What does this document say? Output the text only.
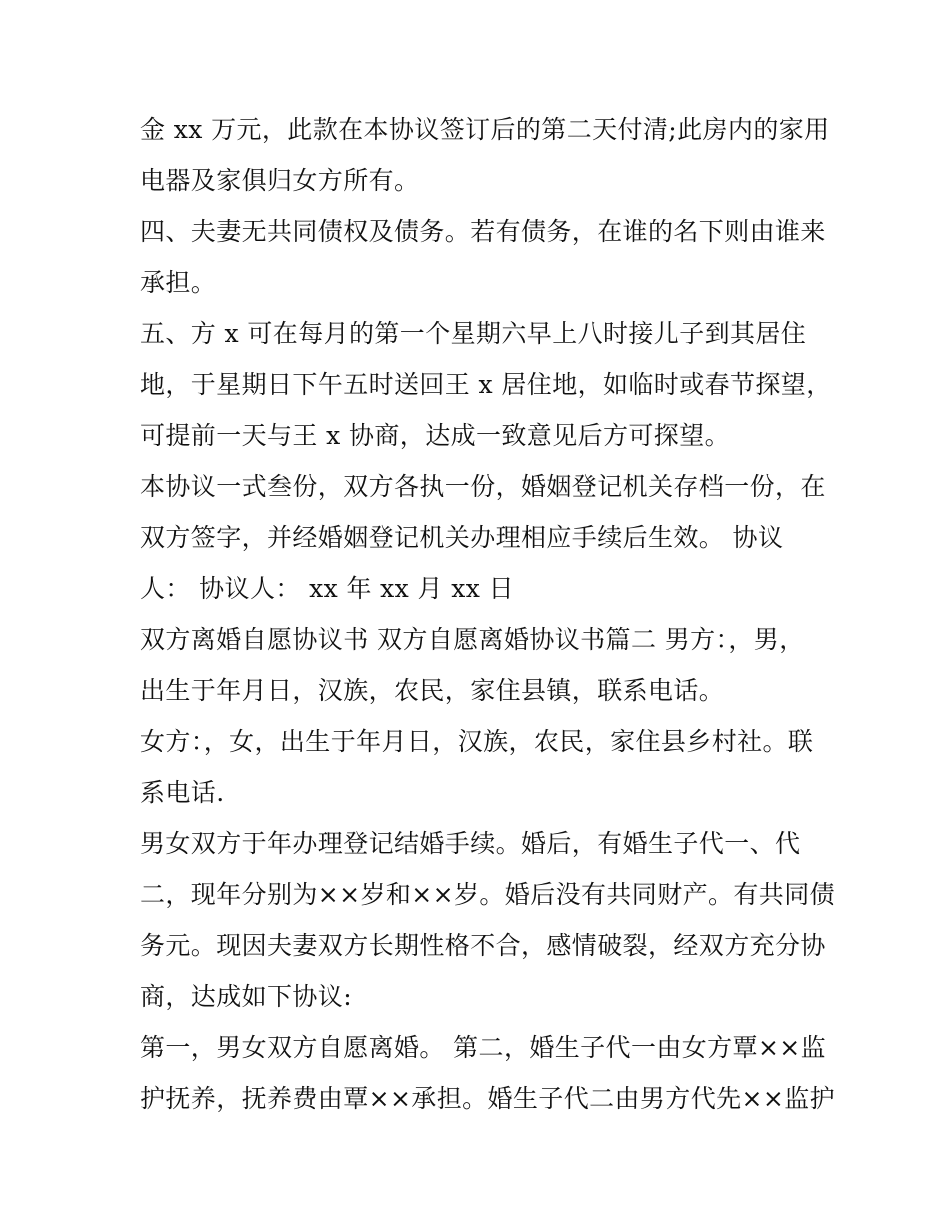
金 xx 万元，此款在本协议签订后的第二天付清;此房内的家用
电器及家俱归女方所有。
四、夫妻无共同债权及债务。若有债务，在谁的名下则由谁来
承担。
五、方 x 可在每月的第一个星期六早上八时接儿子到其居住
地，于星期日下午五时送回王 x 居住地，如临时或春节探望，
可提前一天与王 x 协商，达成一致意见后方可探望。
本协议一式叁份，双方各执一份，婚姻登记机关存档一份，在
双方签字，并经婚姻登记机关办理相应手续后生效。 协议
人： 协议人： xx 年 xx 月 xx 日
双方离婚自愿协议书 双方自愿离婚协议书篇二 男方：，男，
出生于年月日，汉族，农民，家住县镇，联系电话。
女方：，女，出生于年月日，汉族，农民，家住县乡村社。联
系电话.
男女双方于年办理登记结婚手续。婚后，有婚生子代一、代
二，现年分别为××岁和××岁。婚后没有共同财产。有共同债
务元。现因夫妻双方长期性格不合，感情破裂，经双方充分协
商，达成如下协议:
第一，男女双方自愿离婚。 第二，婚生子代一由女方覃××监
护抚养，抚养费由覃××承担。婚生子代二由男方代先××监护
